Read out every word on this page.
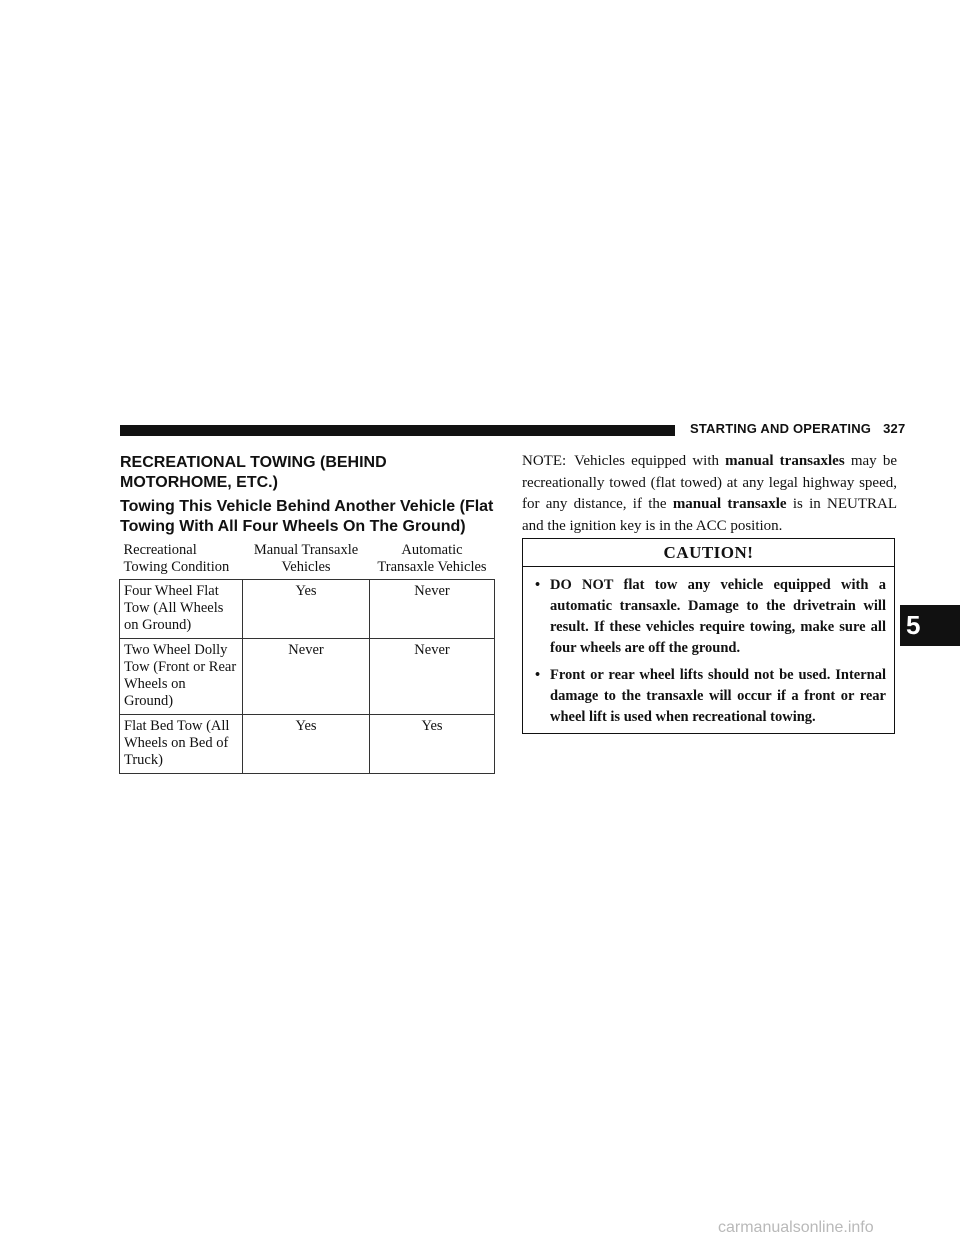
STARTING AND OPERATING 327
RECREATIONAL TOWING (BEHIND MOTORHOME, ETC.)
Towing This Vehicle Behind Another Vehicle (Flat Towing With All Four Wheels On The Ground)
Recreational Towing Condition	Manual Transaxle Vehicles	Automatic Transaxle Vehicles
Four Wheel Flat Tow (All Wheels on Ground)	Yes	Never
Two Wheel Dolly Tow (Front or Rear Wheels on Ground)	Never	Never
Flat Bed Tow (All Wheels on Bed of Truck)	Yes	Yes
NOTE: Vehicles equipped with manual transaxles may be recreationally towed (flat towed) at any legal highway speed, for any distance, if the manual transaxle is in NEUTRAL and the ignition key is in the ACC position.
CAUTION!
• DO NOT flat tow any vehicle equipped with a automatic transaxle. Damage to the drivetrain will result. If these vehicles require towing, make sure all four wheels are off the ground.
• Front or rear wheel lifts should not be used. Internal damage to the transaxle will occur if a front or rear wheel lift is used when recreational towing.
5
carmanualsonline.info
